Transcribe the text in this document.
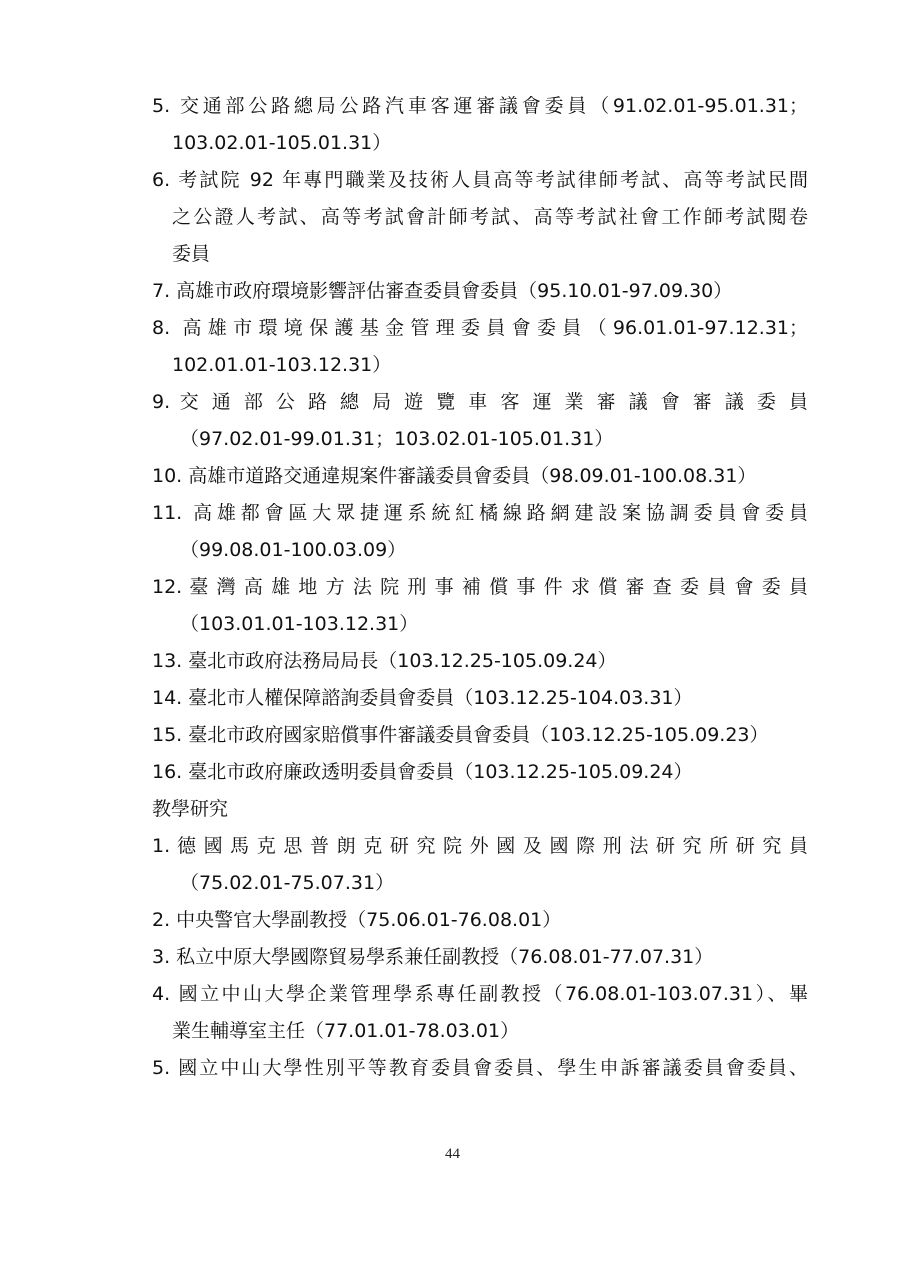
5. 交通部公路總局公路汽車客運審議會委員（91.02.01-95.01.31；
103.02.01-105.01.31）
6. 考試院 92 年專門職業及技術人員高等考試律師考試、高等考試民間
之公證人考試、高等考試會計師考試、高等考試社會工作師考試閱卷
委員
7. 高雄市政府環境影響評估審查委員會委員（95.10.01-97.09.30）
8. 高雄市環境保護基金管理委員會委員（96.01.01-97.12.31；
102.01.01-103.12.31）
9. 交 通 部 公 路 總 局 遊 覽 車 客 運 業 審 議 會 審 議 委 員
（97.02.01-99.01.31；103.02.01-105.01.31）
10. 高雄市道路交通違規案件審議委員會委員（98.09.01-100.08.31）
11. 高雄都會區大眾捷運系統紅橘線路網建設案協調委員會委員
（99.08.01-100.03.09）
12. 臺 灣 高 雄 地 方 法 院 刑 事 補 償 事 件 求 償 審 查 委 員 會 委 員
（103.01.01-103.12.31）
13. 臺北市政府法務局局長（103.12.25-105.09.24）
14. 臺北市人權保障諮詢委員會委員（103.12.25-104.03.31）
15. 臺北市政府國家賠償事件審議委員會委員（103.12.25-105.09.23）
16. 臺北市政府廉政透明委員會委員（103.12.25-105.09.24）
教學研究
1. 德 國 馬 克 思 普 朗 克 研 究 院 外 國 及 國 際 刑 法 研 究 所 研 究 員
（75.02.01-75.07.31）
2. 中央警官大學副教授（75.06.01-76.08.01）
3. 私立中原大學國際貿易學系兼任副教授（76.08.01-77.07.31）
4. 國立中山大學企業管理學系專任副教授（76.08.01-103.07.31）、畢
業生輔導室主任（77.01.01-78.03.01）
5. 國立中山大學性別平等教育委員會委員、學生申訴審議委員會委員、
44
